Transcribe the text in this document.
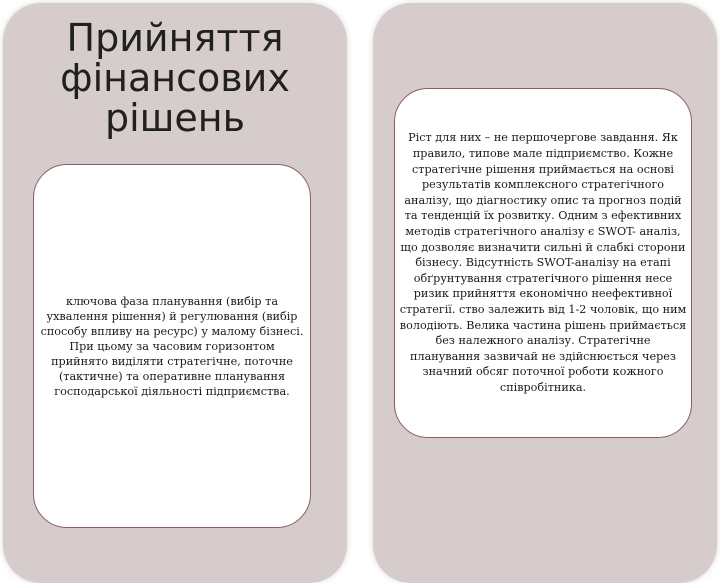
Прийняття фінансових рішень

ключова фаза планування (вибір та ухвалення рішення) й регулювання (вибір способу впливу на ресурс) у малому бізнесі. При цьому за часовим горизонтом прийнято виділяти стратегічне, поточне (тактичне) та оперативне планування господарської діяльності підприємства.

Ріст для них – не першочергове завдання. Як правило, типове мале підприємство. Кожне стратегічне рішення приймається на основі результатів комплексного стратегічного аналізу, що діагностику опис та прогноз подій та тенденцій їх розвитку. Одним з ефективних методів стратегічного аналізу є SWOT- аналіз, що дозволяє визначити сильні й слабкі сторони бізнесу. Відсутність SWOT-аналізу на етапі обґрунтування стратегічного рішення несе ризик прийняття економічно неефективної стратегії. ство залежить від 1-2 чоловік, що ним володіють. Велика частина рішень приймається без належного аналізу. Стратегічне планування зазвичай не здійснюється через значний обсяг поточної роботи кожного співробітника.
